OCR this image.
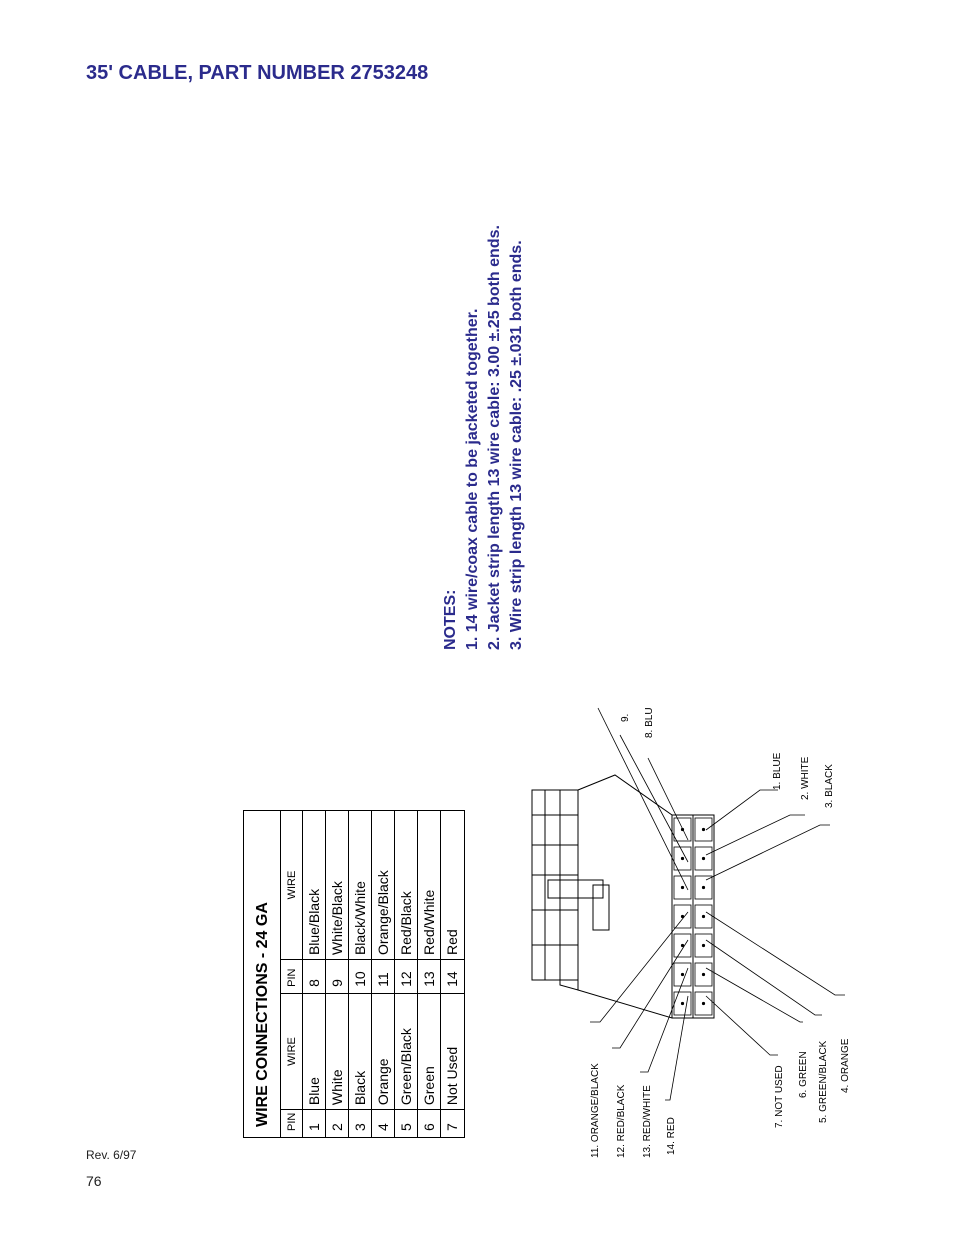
35' CABLE, PART NUMBER 2753248
NOTES: 1. 14 wire/coax cable to be jacketed together. 2. Jacket strip length 13 wire cable: 3.00 ±.25 both ends. 3. Wire strip length 13 wire cable: .25 ±.031 both ends.
WIRE CONNECTIONS - 24 GA	PIN
WIRE
PIN
WIRE
1
Blue
8
Blue/Black
2
White
9
White/Black
3
Black
10
Black/White
4
Orange
11
Orange/Black
5
Green/Black
12
Red/Black
6
Green
13
Red/White
7
Not Used
14
Red
9. 8. BLU
1. BLUE 2. WHITE 3. BLACK
11. ORANGE/BLACK 12. RED/BLACK 13. RED/WHITE 14. RED
7. NOT USED 6. GREEN 5. GREEN/BLACK 4. ORANGE
Rev. 6/97
76
